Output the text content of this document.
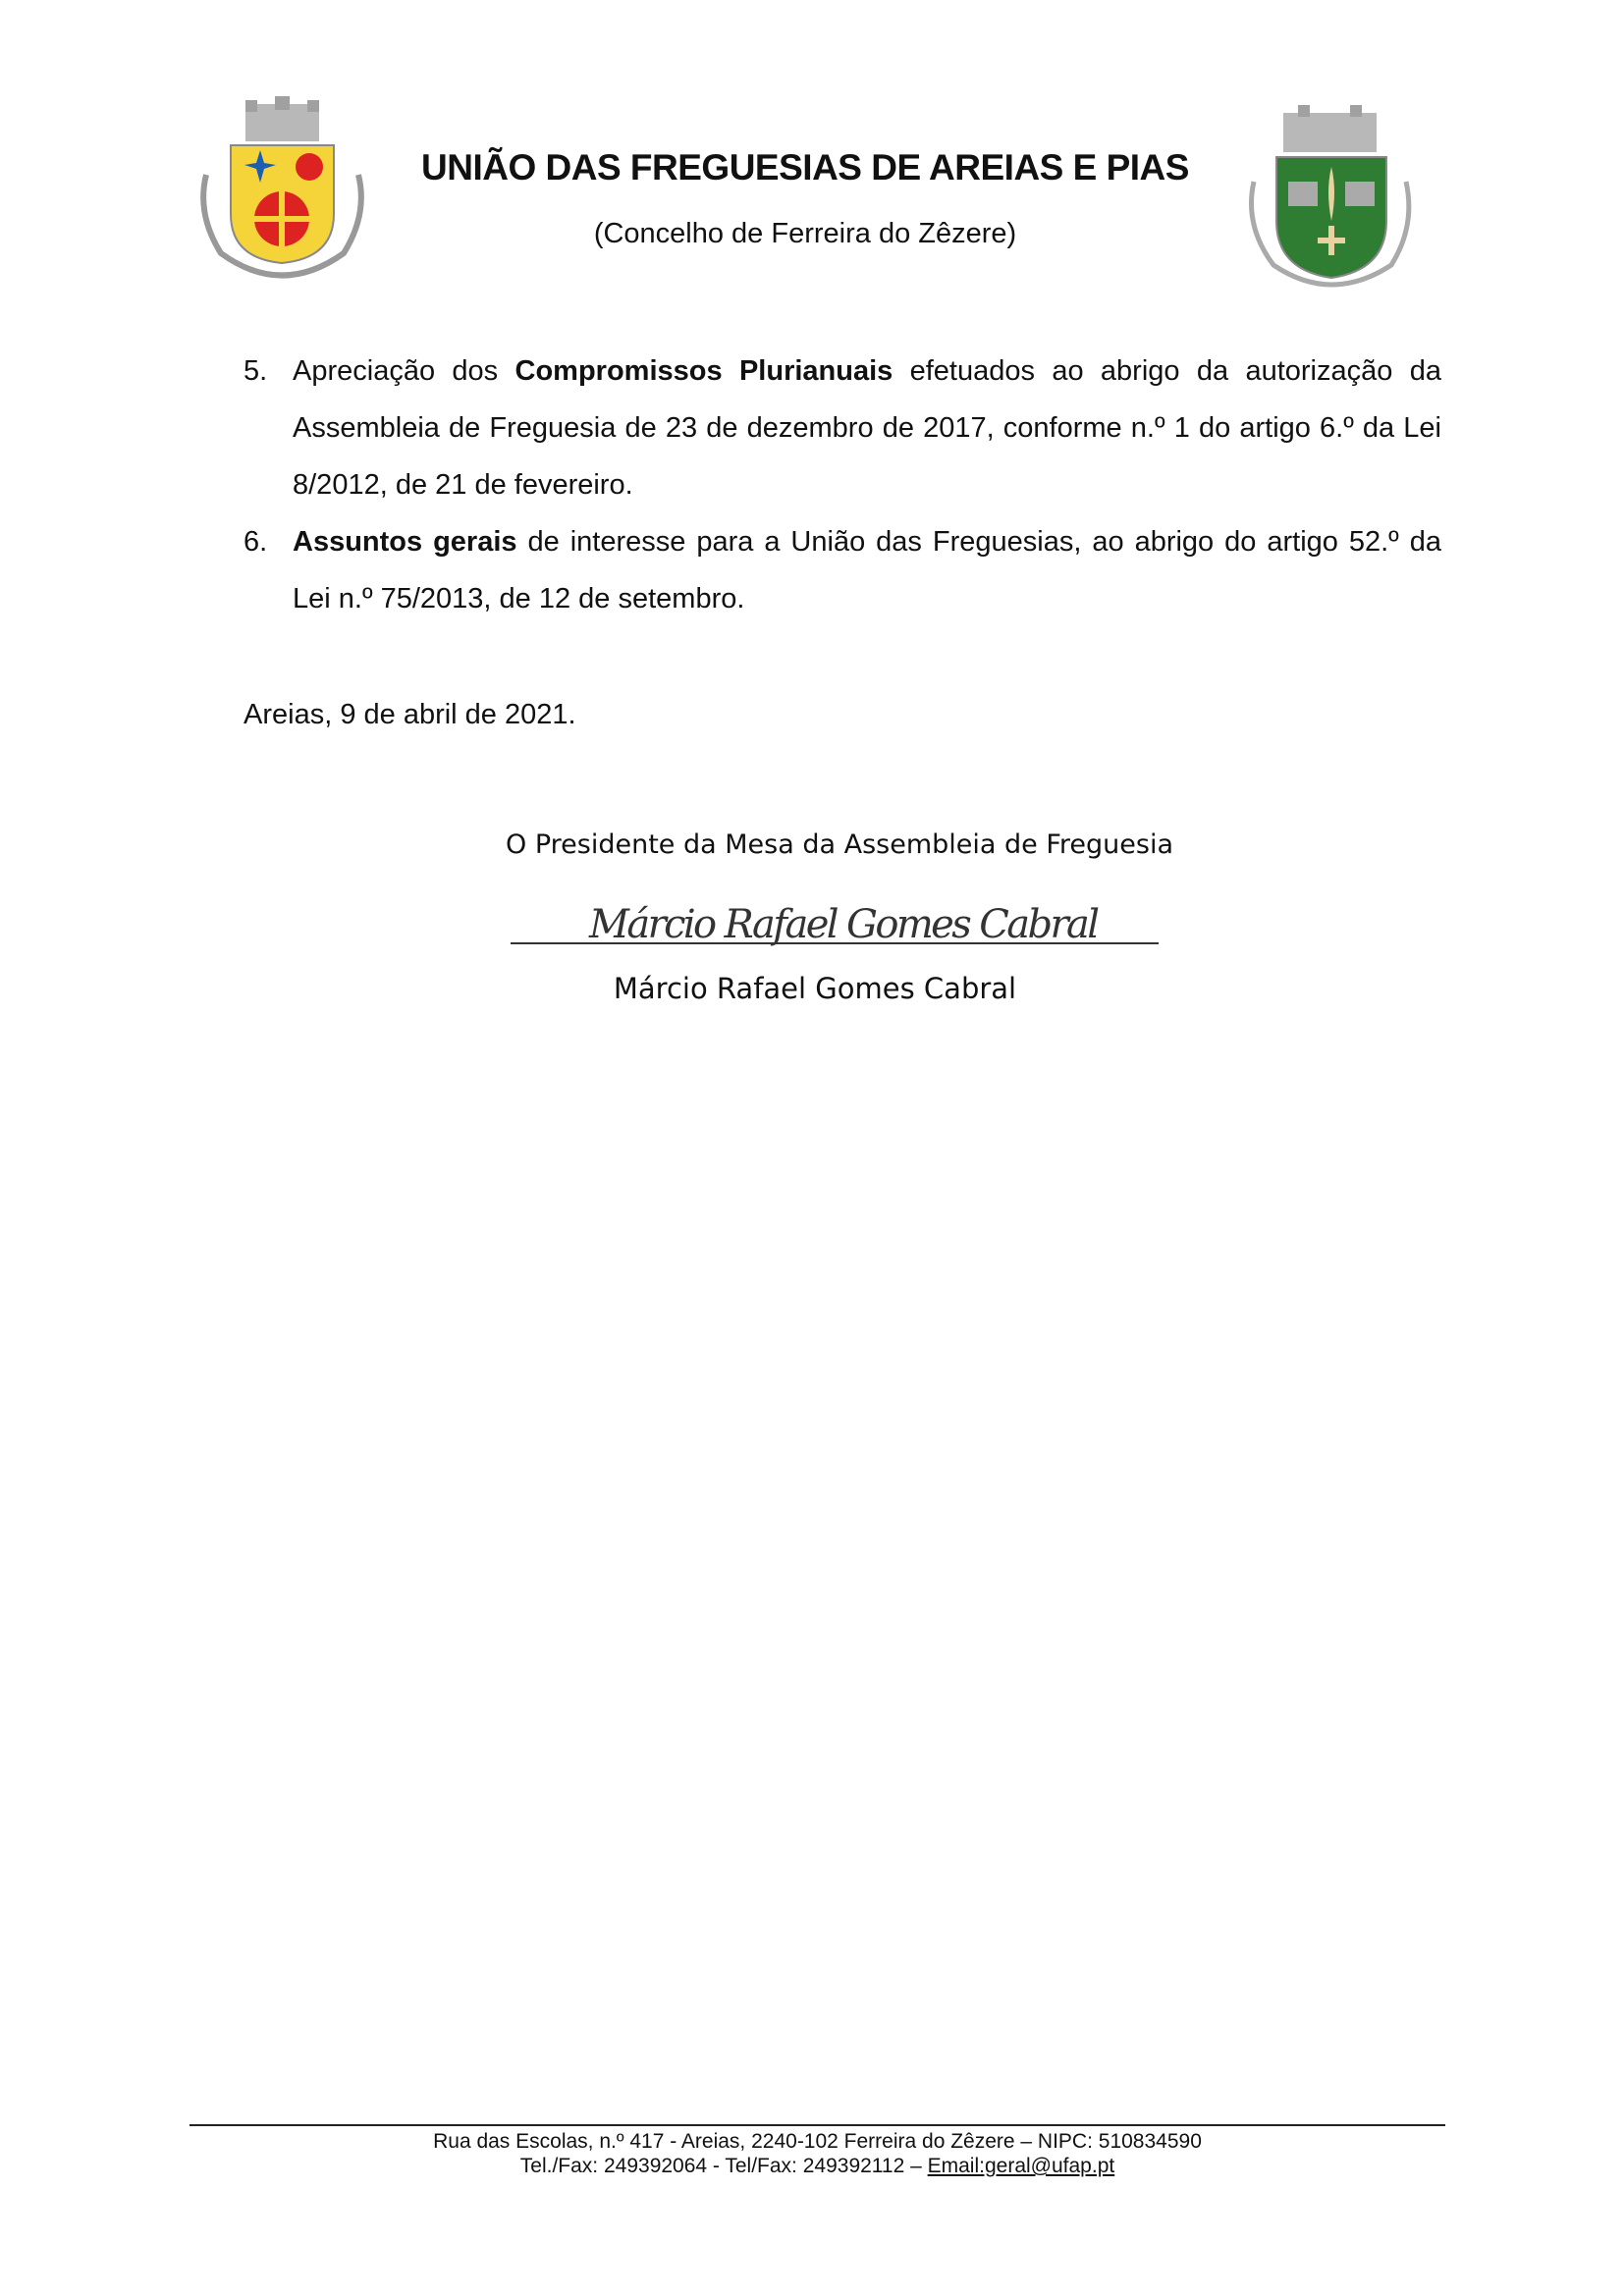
UNIÃO DAS FREGUESIAS DE AREIAS E PIAS
(Concelho de Ferreira do Zêzere)
5. Apreciação dos Compromissos Plurianuais efetuados ao abrigo da autorização da Assembleia de Freguesia de 23 de dezembro de 2017, conforme n.º 1 do artigo 6.º da Lei 8/2012, de 21 de fevereiro.
6. Assuntos gerais de interesse para a União das Freguesias, ao abrigo do artigo 52.º da Lei n.º 75/2013, de 12 de setembro.
Areias, 9 de abril de 2021.
O Presidente da Mesa da Assembleia de Freguesia
Márcio Rafael Gomes Cabral
Márcio Rafael Gomes Cabral
Rua das Escolas, n.º 417 - Areias, 2240-102 Ferreira do Zêzere – NIPC: 510834590
Tel./Fax: 249392064 - Tel/Fax: 249392112 – Email:geral@ufap.pt
